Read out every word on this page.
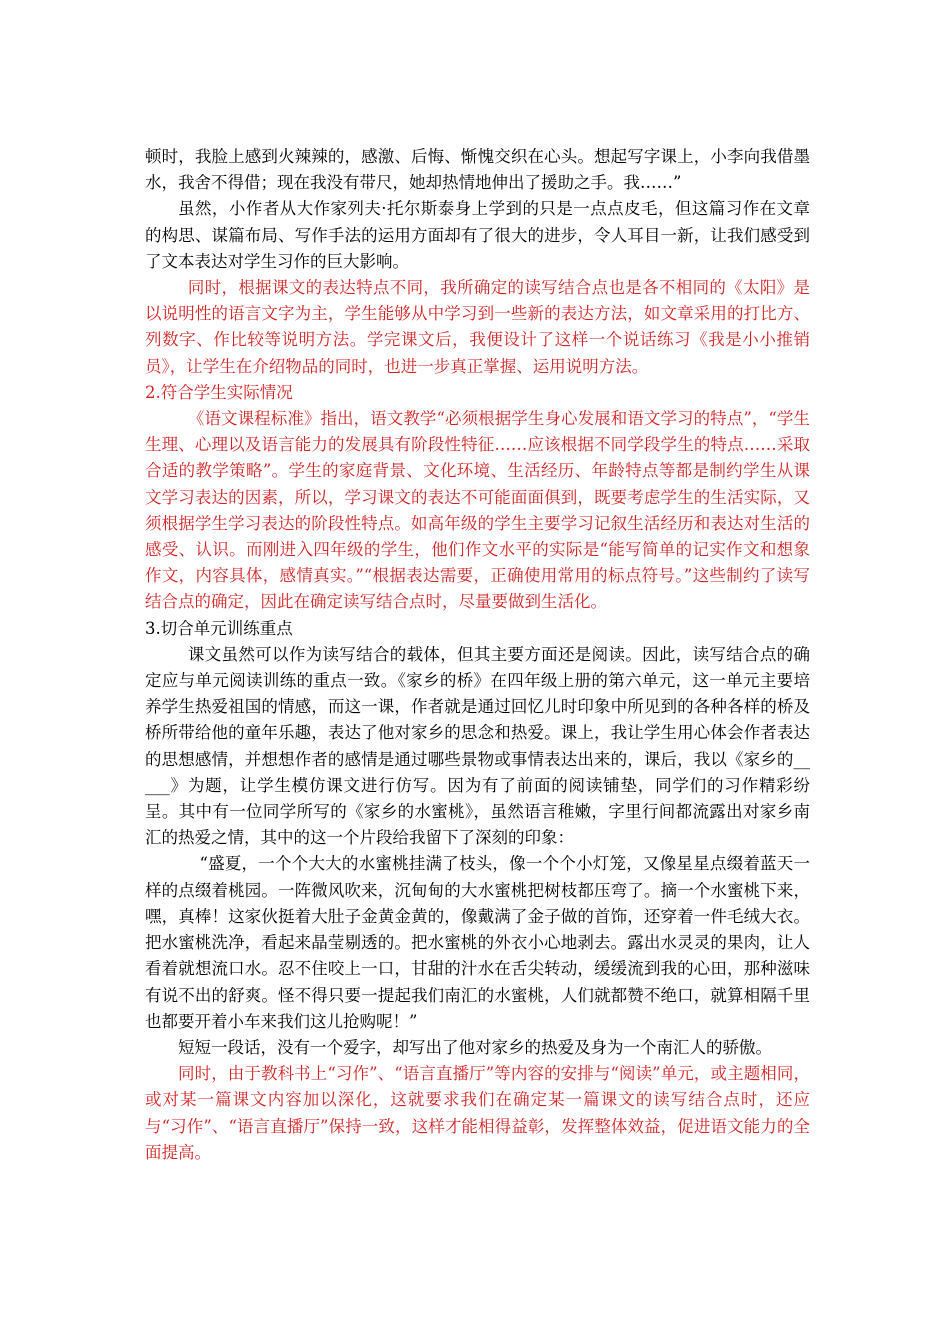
顿时，我脸上感到火辣辣的，感激、后悔、惭愧交织在心头。想起写字课上，小李向我借墨水，我舍不得借；现在我没有带尺，她却热情地伸出了援助之手。我……”

虽然，小作者从大作家列夫·托尔斯泰身上学到的只是一点点皮毛，但这篇习作在文章的构思、谋篇布局、写作手法的运用方面却有了很大的进步，令人耳目一新，让我们感受到了文本表达对学生习作的巨大影响。

同时，根据课文的表达特点不同，我所确定的读写结合点也是各不相同的《太阳》是以说明性的语言文字为主，学生能够从中学习到一些新的表达方法，如文章采用的打比方、列数字、作比较等说明方法。学完课文后，我便设计了这样一个说话练习《我是小小推销员》，让学生在介绍物品的同时，也进一步真正掌握、运用说明方法。

2.符合学生实际情况

《语文课程标准》指出，语文教学“必须根据学生身心发展和语文学习的特点”，“学生生理、心理以及语言能力的发展具有阶段性特征……应该根据不同学段学生的特点……采取合适的教学策略”。学生的家庭背景、文化环境、生活经历、年龄特点等都是制约学生从课文学习表达的因素，所以，学习课文的表达不可能面面俱到，既要考虑学生的生活实际，又须根据学生学习表达的阶段性特点。如高年级的学生主要学习记叙生活经历和表达对生活的感受、认识。而刚进入四年级的学生，他们作文水平的实际是“能写简单的记实作文和想象作文，内容具体，感情真实。”“根据表达需要，正确使用常用的标点符号。”这些制约了读写结合点的确定，因此在确定读写结合点时，尽量要做到生活化。

3.切合单元训练重点

课文虽然可以作为读写结合的载体，但其主要方面还是阅读。因此，读写结合点的确定应与单元阅读训练的重点一致。《家乡的桥》在四年级上册的第六单元，这一单元主要培养学生热爱祖国的情感，而这一课，作者就是通过回忆儿时印象中所见到的各种各样的桥及桥所带给他的童年乐趣，表达了他对家乡的思念和热爱。课上，我让学生用心体会作者表达的思想感情，并想想作者的感情是通过哪些景物或事情表达出来的，课后，我以《家乡的_____》为题，让学生模仿课文进行仿写。因为有了前面的阅读铺垫，同学们的习作精彩纷呈。其中有一位同学所写的《家乡的水蜜桃》，虽然语言稚嫩，字里行间都流露出对家乡南汇的热爱之情，其中的这一个片段给我留下了深刻的印象：

“盛夏，一个个大大的水蜜桃挂满了枝头，像一个个小灯笼，又像星星点缀着蓝天一样的点缀着桃园。一阵微风吹来，沉甸甸的大水蜜桃把树枝都压弯了。摘一个水蜜桃下来，嘿，真棒！这家伙挺着大肚子金黄金黄的，像戴满了金子做的首饰，还穿着一件毛绒大衣。把水蜜桃洗净，看起来晶莹剔透的。把水蜜桃的外衣小心地剥去。露出水灵灵的果肉，让人看着就想流口水。忍不住咬上一口，甘甜的汁水在舌尖转动，缓缓流到我的心田，那种滋味有说不出的舒爽。怪不得只要一提起我们南汇的水蜜桃，人们就都赞不绝口，就算相隔千里也都要开着小车来我们这儿抢购呢！”

短短一段话，没有一个爱字，却写出了他对家乡的热爱及身为一个南汇人的骄傲。

同时，由于教科书上“习作”、“语言直播厅”等内容的安排与“阅读”单元，或主题相同，或对某一篇课文内容加以深化，这就要求我们在确定某一篇课文的读写结合点时，还应与“习作”、“语言直播厅”保持一致，这样才能相得益彰，发挥整体效益，促进语文能力的全面提高。
